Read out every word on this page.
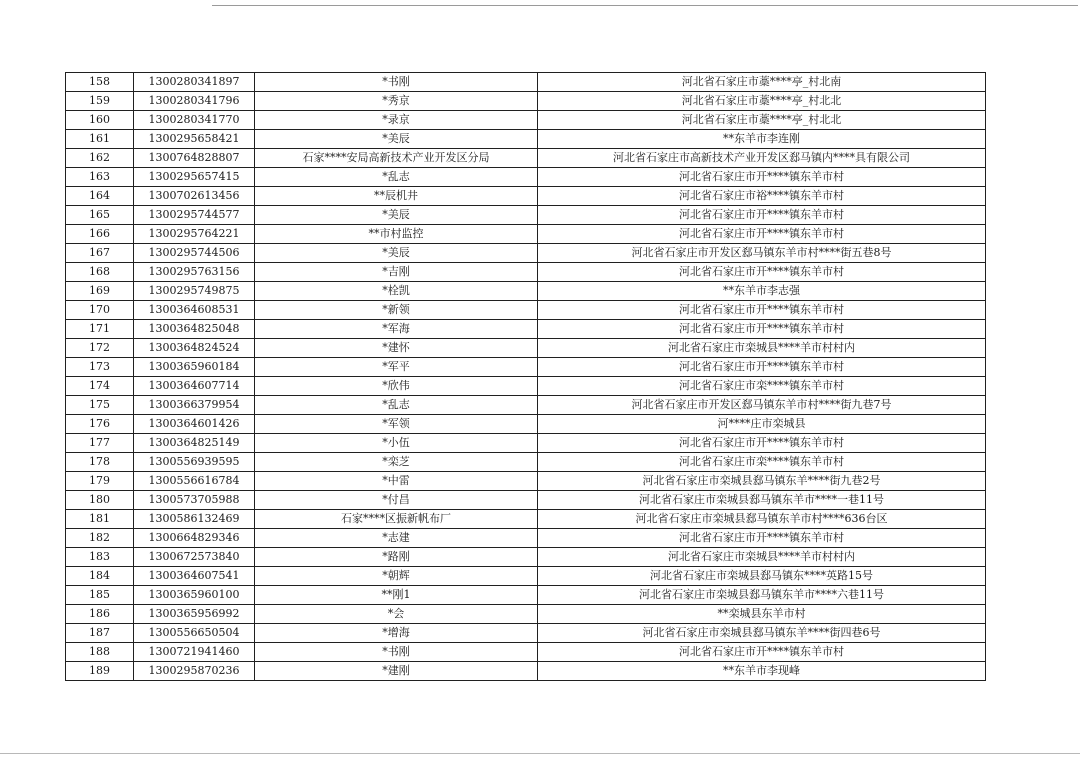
158	1300280341897	*书刚	河北省石家庄市藁****亭_村北南
159	1300280341796	*秀京	河北省石家庄市藁****亭_村北北
160	1300280341770	*录京	河北省石家庄市藁****亭_村北北
161	1300295658421	*美辰	**东羊市李连刚
162	1300764828807	石家****安局高新技术产业开发区分局	河北省石家庄市高新技术产业开发区郄马镇内****具有限公司
163	1300295657415	*乱志	河北省石家庄市开****镇东羊市村
164	1300702613456	**辰机井	河北省石家庄市裕****镇东羊市村
165	1300295744577	*美辰	河北省石家庄市开****镇东羊市村
166	1300295764221	**市村监控	河北省石家庄市开****镇东羊市村
167	1300295744506	*美辰	河北省石家庄市开发区郄马镇东羊市村****街五巷8号
168	1300295763156	*吉刚	河北省石家庄市开****镇东羊市村
169	1300295749875	*栓凯	**东羊市李志强
170	1300364608531	*新领	河北省石家庄市开****镇东羊市村
171	1300364825048	*军海	河北省石家庄市开****镇东羊市村
172	1300364824524	*建怀	河北省石家庄市栾城县****羊市村村内
173	1300365960184	*军平	河北省石家庄市开****镇东羊市村
174	1300364607714	*欣伟	河北省石家庄市栾****镇东羊市村
175	1300366379954	*乱志	河北省石家庄市开发区郄马镇东羊市村****街九巷7号
176	1300364601426	*军领	河****庄市栾城县
177	1300364825149	*小伍	河北省石家庄市开****镇东羊市村
178	1300556939595	*栾芝	河北省石家庄市栾****镇东羊市村
179	1300556616784	*中雷	河北省石家庄市栾城县郄马镇东羊****街九巷2号
180	1300573705988	*付昌	河北省石家庄市栾城县郄马镇东羊市****一巷11号
181	1300586132469	石家****区振新帆布厂	河北省石家庄市栾城县郄马镇东羊市村****636台区
182	1300664829346	*志建	河北省石家庄市开****镇东羊市村
183	1300672573840	*路刚	河北省石家庄市栾城县****羊市村村内
184	1300364607541	*朝辉	河北省石家庄市栾城县郄马镇东****英路15号
185	1300365960100	**刚1	河北省石家庄市栾城县郄马镇东羊市****六巷11号
186	1300365956992	*会	**栾城县东羊市村
187	1300556650504	*增海	河北省石家庄市栾城县郄马镇东羊****街四巷6号
188	1300721941460	*书刚	河北省石家庄市开****镇东羊市村
189	1300295870236	*建刚	**东羊市李现峰
